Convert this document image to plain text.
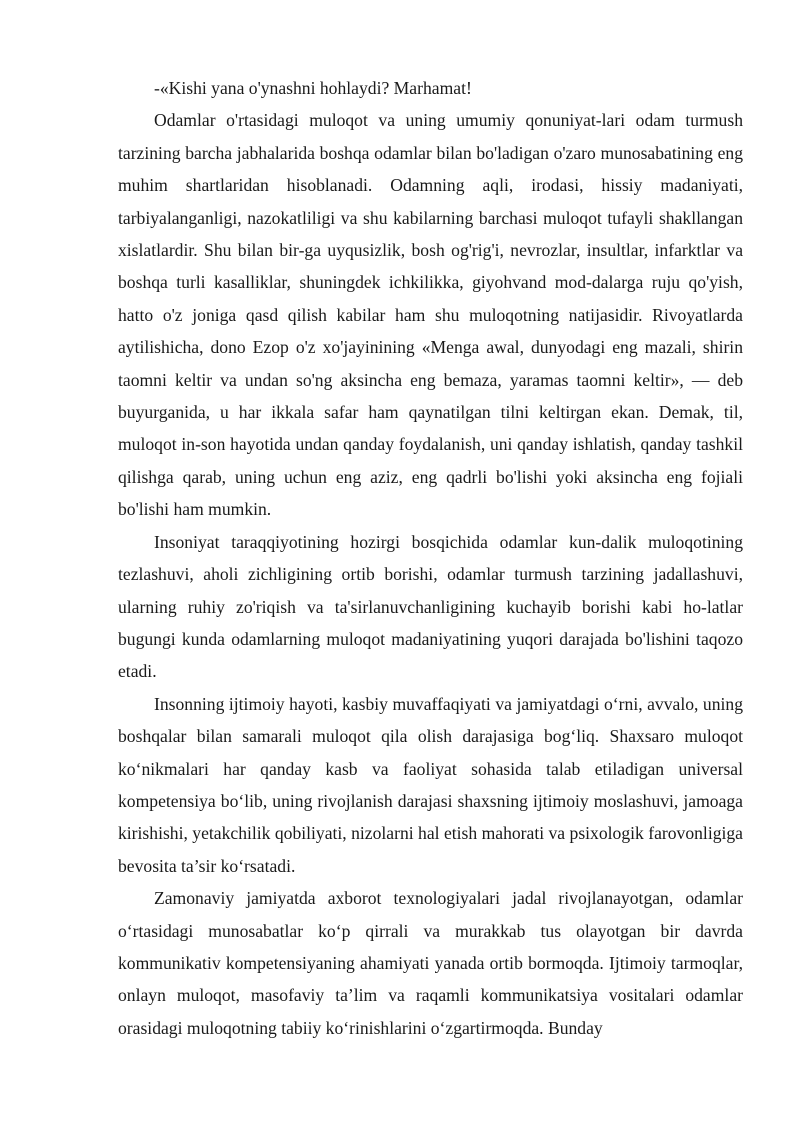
-«Kishi yana o'ynashni hohlaydi? Marhamat!

Odamlar o'rtasidagi muloqot va uning umumiy qonuniyat-lari odam turmush tarzining barcha jabhalarida boshqa odamlar bilan bo'ladigan o'zaro munosabatining eng muhim shartlaridan hisoblanadi. Odamning aqli, irodasi, hissiy madaniyati, tarbiyalanganligi, nazokatliligi va shu kabilarning barchasi muloqot tufayli shakllangan xislatlardir. Shu bilan bir-ga uyqusizlik, bosh og'rig'i, nevrozlar, insultlar, infarktlar va boshqa turli kasalliklar, shuningdek ichkilikka, giyohvand mod-dalarga ruju qo'yish, hatto o'z joniga qasd qilish kabilar ham shu muloqotning natijasidir. Rivoyatlarda aytilishicha, dono Ezop o'z xo'jayinining «Menga awal, dunyodagi eng mazali, shirin taomni keltir va undan so'ng aksincha eng bemaza, yaramas taomni keltir», — deb buyurganida, u har ikkala safar ham qaynatilgan tilni keltirgan ekan. Demak, til, muloqot in-son hayotida undan qanday foydalanish, uni qanday ishlatish, qanday tashkil qilishga qarab, uning uchun eng aziz, eng qadrli bo'lishi yoki aksincha eng fojiali bo'lishi ham mumkin.

Insoniyat taraqqiyotining hozirgi bosqichida odamlar kun-dalik muloqotining tezlashuvi, aholi zichligining ortib borishi, odamlar turmush tarzining jadallashuvi, ularning ruhiy zo'riqish va ta'sirlanuvchanligining kuchayib borishi kabi ho-latlar bugungi kunda odamlarning muloqot madaniyatining yuqori darajada bo'lishini taqozo etadi.

Insonning ijtimoiy hayoti, kasbiy muvaffaqiyati va jamiyatdagi o‘rni, avvalo, uning boshqalar bilan samarali muloqot qila olish darajasiga bog‘liq. Shaxsaro muloqot ko‘nikmalari har qanday kasb va faoliyat sohasida talab etiladigan universal kompetensiya bo‘lib, uning rivojlanish darajasi shaxsning ijtimoiy moslashuvi, jamoaga kirishishi, yetakchilik qobiliyati, nizolarni hal etish mahorati va psixologik farovonligiga bevosita ta’sir ko‘rsatadi.

Zamonaviy jamiyatda axborot texnologiyalari jadal rivojlanayotgan, odamlar o‘rtasidagi munosabatlar ko‘p qirrali va murakkab tus olayotgan bir davrda kommunikativ kompetensiyaning ahamiyati yanada ortib bormoqda. Ijtimoiy tarmoqlar, onlayn muloqot, masofaviy ta’lim va raqamli kommunikatsiya vositalari odamlar orasidagi muloqotning tabiiy ko‘rinishlarini o‘zgartirmoqda. Bunday
